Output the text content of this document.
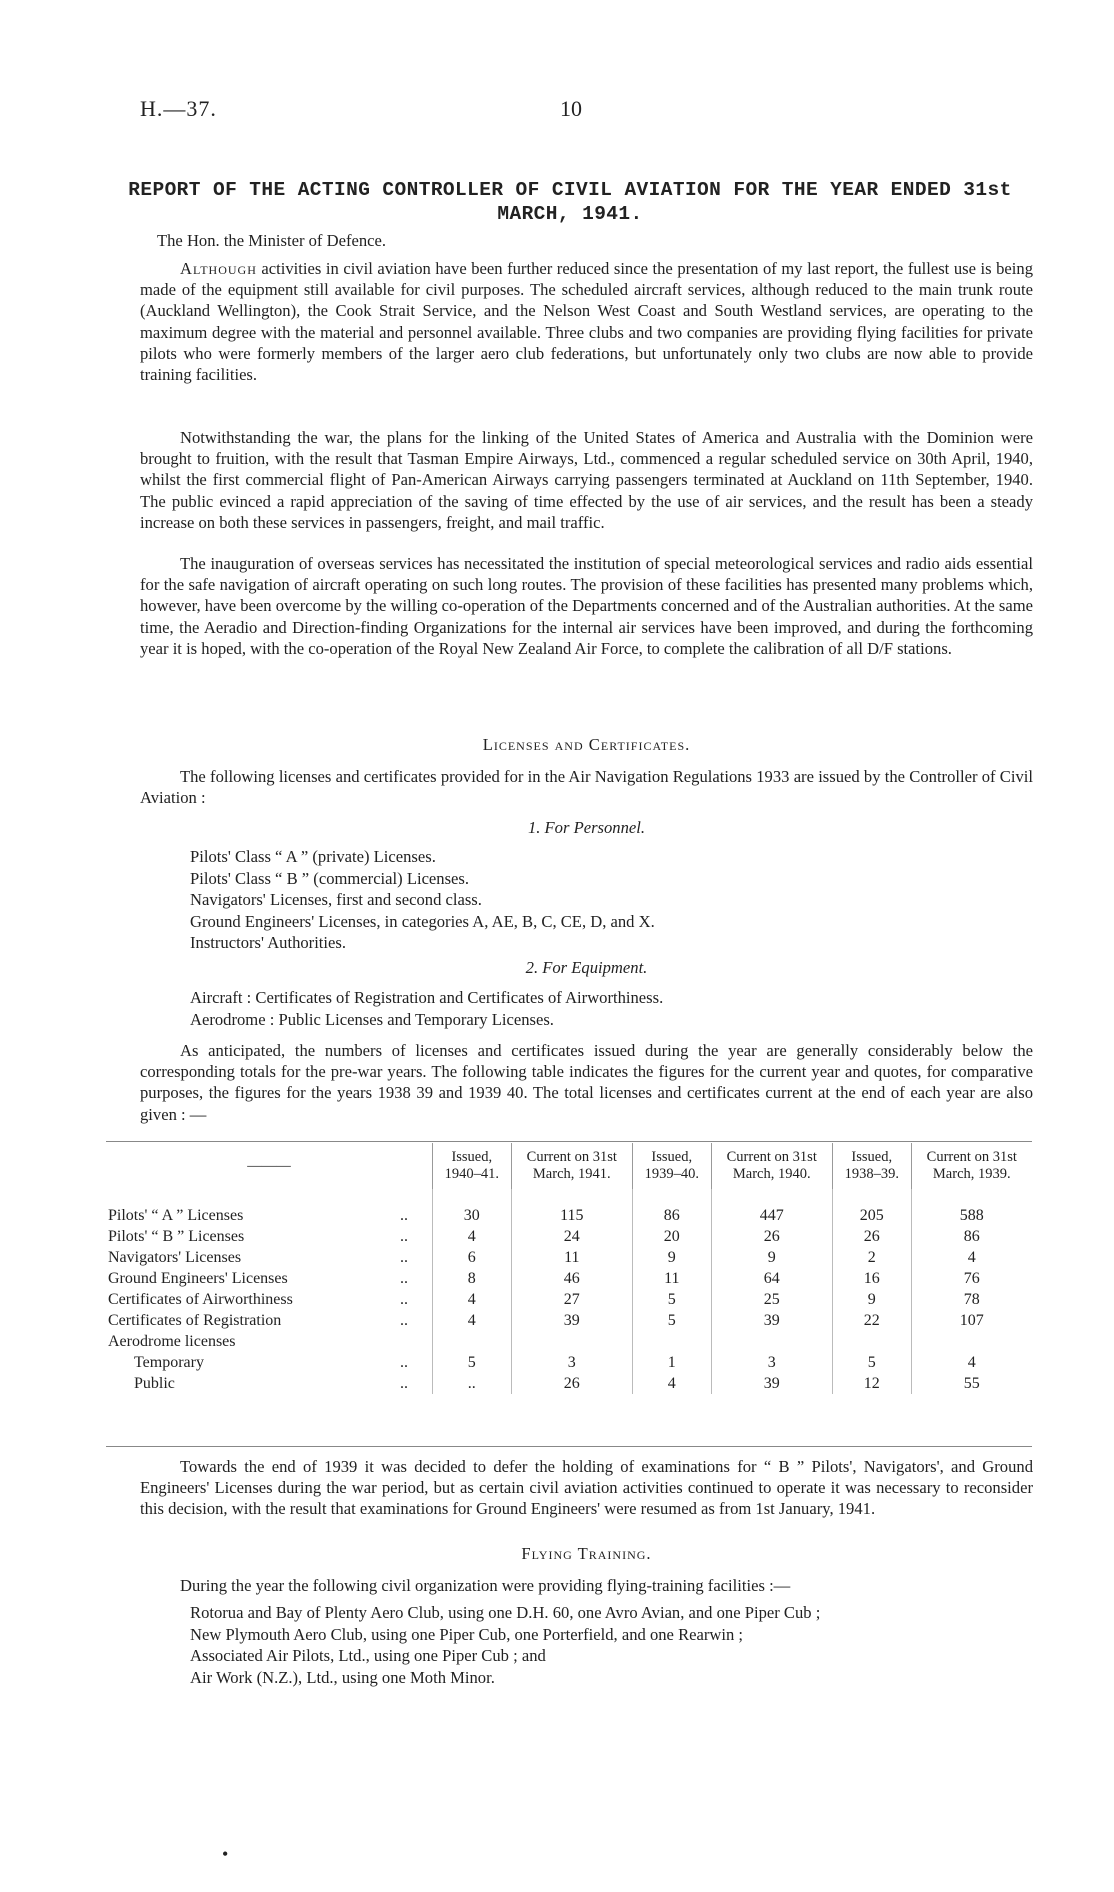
H.—37.	10
REPORT OF THE ACTING CONTROLLER OF CIVIL AVIATION FOR THE YEAR ENDED 31st MARCH, 1941.
The Hon. the Minister of Defence.
Although activities in civil aviation have been further reduced since the presentation of my last report, the fullest use is being made of the equipment still available for civil purposes. The scheduled aircraft services, although reduced to the main trunk route (Auckland Wellington), the Cook Strait Service, and the Nelson West Coast and South Westland services, are operating to the maximum degree with the material and personnel available. Three clubs and two companies are providing flying facilities for private pilots who were formerly members of the larger aero club federations, but unfortunately only two clubs are now able to provide training facilities.
Notwithstanding the war, the plans for the linking of the United States of America and Australia with the Dominion were brought to fruition, with the result that Tasman Empire Airways, Ltd., commenced a regular scheduled service on 30th April, 1940, whilst the first commercial flight of Pan-American Airways carrying passengers terminated at Auckland on 11th September, 1940. The public evinced a rapid appreciation of the saving of time effected by the use of air services, and the result has been a steady increase on both these services in passengers, freight, and mail traffic.
The inauguration of overseas services has necessitated the institution of special meteorological services and radio aids essential for the safe navigation of aircraft operating on such long routes. The provision of these facilities has presented many problems which, however, have been overcome by the willing co-operation of the Departments concerned and of the Australian authorities. At the same time, the Aeradio and Direction-finding Organizations for the internal air services have been improved, and during the forthcoming year it is hoped, with the co-operation of the Royal New Zealand Air Force, to complete the calibration of all D/F stations.
Licenses and Certificates.
The following licenses and certificates provided for in the Air Navigation Regulations 1933 are issued by the Controller of Civil Aviation :
1. For Personnel.
Pilots' Class “ A ” (private) Licenses.
Pilots' Class “ B ” (commercial) Licenses.
Navigators' Licenses, first and second class.
Ground Engineers' Licenses, in categories A, AE, B, C, CE, D, and X.
Instructors' Authorities.
2. For Equipment.
Aircraft : Certificates of Registration and Certificates of Airworthiness.
Aerodrome : Public Licenses and Temporary Licenses.
As anticipated, the numbers of licenses and certificates issued during the year are generally considerably below the corresponding totals for the pre-war years. The following table indicates the figures for the current year and quotes, for comparative purposes, the figures for the years 1938 39 and 1939 40. The total licenses and certificates current at the end of each year are also given : —
———		Issued, 1940–41.	Current on 31st March, 1941.	Issued, 1939–40.	Current on 31st March, 1940.	Issued, 1938–39.	Current on 31st March, 1939.

Pilots' “ A ” Licenses	..	30	115	86	447	205	588
Pilots' “ B ” Licenses	..	4	24	20	26	26	86
Navigators' Licenses	..	6	11	9	9	2	4
Ground Engineers' Licenses	..	8	46	11	64	16	76
Certificates of Airworthiness	..	4	27	5	25	9	78
Certificates of Registration	..	4	39	5	39	22	107
Aerodrome licenses							
Temporary	..	5	3	1	3	5	4
Public	..	..	26	4	39	12	55
Towards the end of 1939 it was decided to defer the holding of examinations for “ B ” Pilots', Navigators', and Ground Engineers' Licenses during the war period, but as certain civil aviation activities continued to operate it was necessary to reconsider this decision, with the result that examinations for Ground Engineers' were resumed as from 1st January, 1941.
Flying Training.
During the year the following civil organization were providing flying-training facilities :—
Rotorua and Bay of Plenty Aero Club, using one D.H. 60, one Avro Avian, and one Piper Cub ;
New Plymouth Aero Club, using one Piper Cub, one Porterfield, and one Rearwin ;
Associated Air Pilots, Ltd., using one Piper Cub ; and
Air Work (N.Z.), Ltd., using one Moth Minor.
•
